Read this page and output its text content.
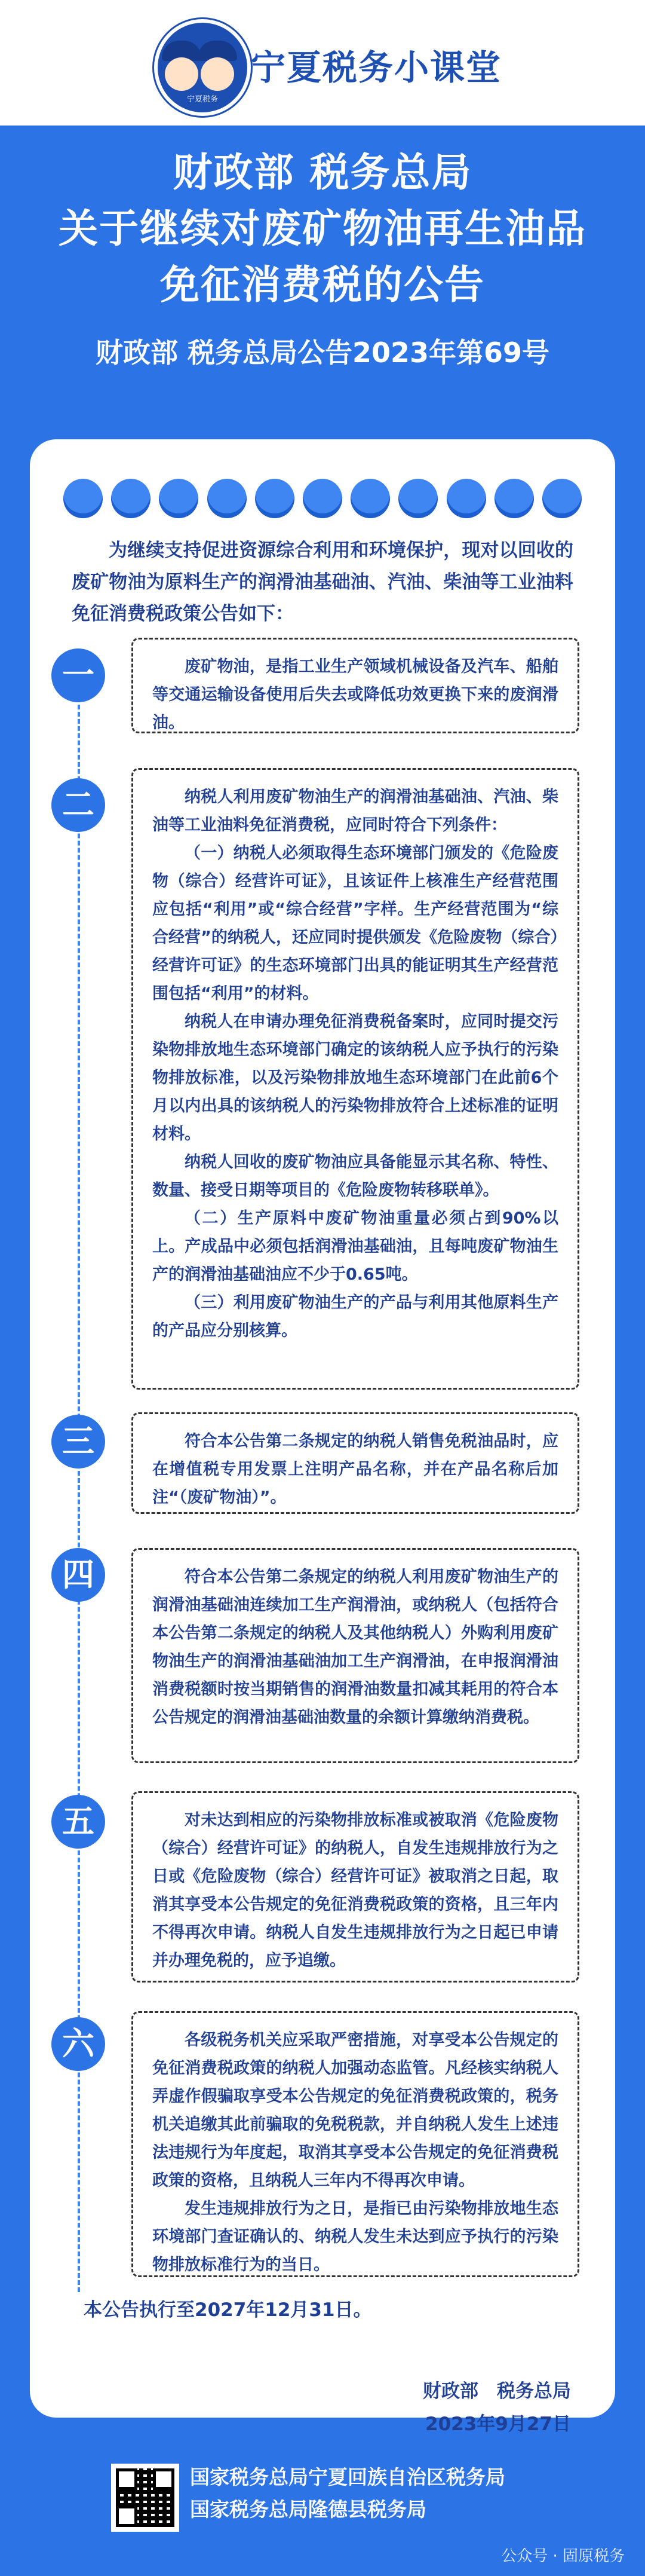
宁夏税务
宁夏税务小课堂
财政部 税务总局
关于继续对废矿物油再生油品
免征消费税的公告
财政部 税务总局公告2023年第69号
为继续支持促进资源综合利用和环境保护，现对以回收的废矿物油为原料生产的润滑油基础油、汽油、柴油等工业油料免征消费税政策公告如下：
一	废矿物油，是指工业生产领域机械设备及汽车、船舶等交通运输设备使用后失去或降低功效更换下来的废润滑油。

二	纳税人利用废矿物油生产的润滑油基础油、汽油、柴油等工业油料免征消费税，应同时符合下列条件：

（一）纳税人必须取得生态环境部门颁发的《危险废物（综合）经营许可证》，且该证件上核准生产经营范围应包括“利用”或“综合经营”字样。生产经营范围为“综合经营”的纳税人，还应同时提供颁发《危险废物（综合）经营许可证》的生态环境部门出具的能证明其生产经营范围包括“利用”的材料。

纳税人在申请办理免征消费税备案时，应同时提交污染物排放地生态环境部门确定的该纳税人应予执行的污染物排放标准，以及污染物排放地生态环境部门在此前6个月以内出具的该纳税人的污染物排放符合上述标准的证明材料。

纳税人回收的废矿物油应具备能显示其名称、特性、数量、接受日期等项目的《危险废物转移联单》。

（二）生产原料中废矿物油重量必须占到90%以上。产成品中必须包括润滑油基础油，且每吨废矿物油生产的润滑油基础油应不少于0.65吨。

（三）利用废矿物油生产的产品与利用其他原料生产的产品应分别核算。

三	符合本公告第二条规定的纳税人销售免税油品时，应在增值税专用发票上注明产品名称，并在产品名称后加注“（废矿物油）”。

四	符合本公告第二条规定的纳税人利用废矿物油生产的润滑油基础油连续加工生产润滑油，或纳税人（包括符合本公告第二条规定的纳税人及其他纳税人）外购利用废矿物油生产的润滑油基础油加工生产润滑油，在申报润滑油消费税额时按当期销售的润滑油数量扣减其耗用的符合本公告规定的润滑油基础油数量的余额计算缴纳消费税。

五	对未达到相应的污染物排放标准或被取消《危险废物（综合）经营许可证》的纳税人，自发生违规排放行为之日或《危险废物（综合）经营许可证》被取消之日起，取消其享受本公告规定的免征消费税政策的资格，且三年内不得再次申请。纳税人自发生违规排放行为之日起已申请并办理免税的，应予追缴。

六	各级税务机关应采取严密措施，对享受本公告规定的免征消费税政策的纳税人加强动态监管。凡经核实纳税人弄虚作假骗取享受本公告规定的免征消费税政策的，税务机关追缴其此前骗取的免税税款，并自纳税人发生上述违法违规行为年度起，取消其享受本公告规定的免征消费税政策的资格，且纳税人三年内不得再次申请。

发生违规排放行为之日，是指已由污染物排放地生态环境部门查证确认的、纳税人发生未达到应予执行的污染物排放标准行为的当日。

本公告执行至2027年12月31日。
财政部　税务总局
2023年9月27日
国家税务总局宁夏回族自治区税务局
国家税务总局隆德县税务局
公众号 · 固原税务
